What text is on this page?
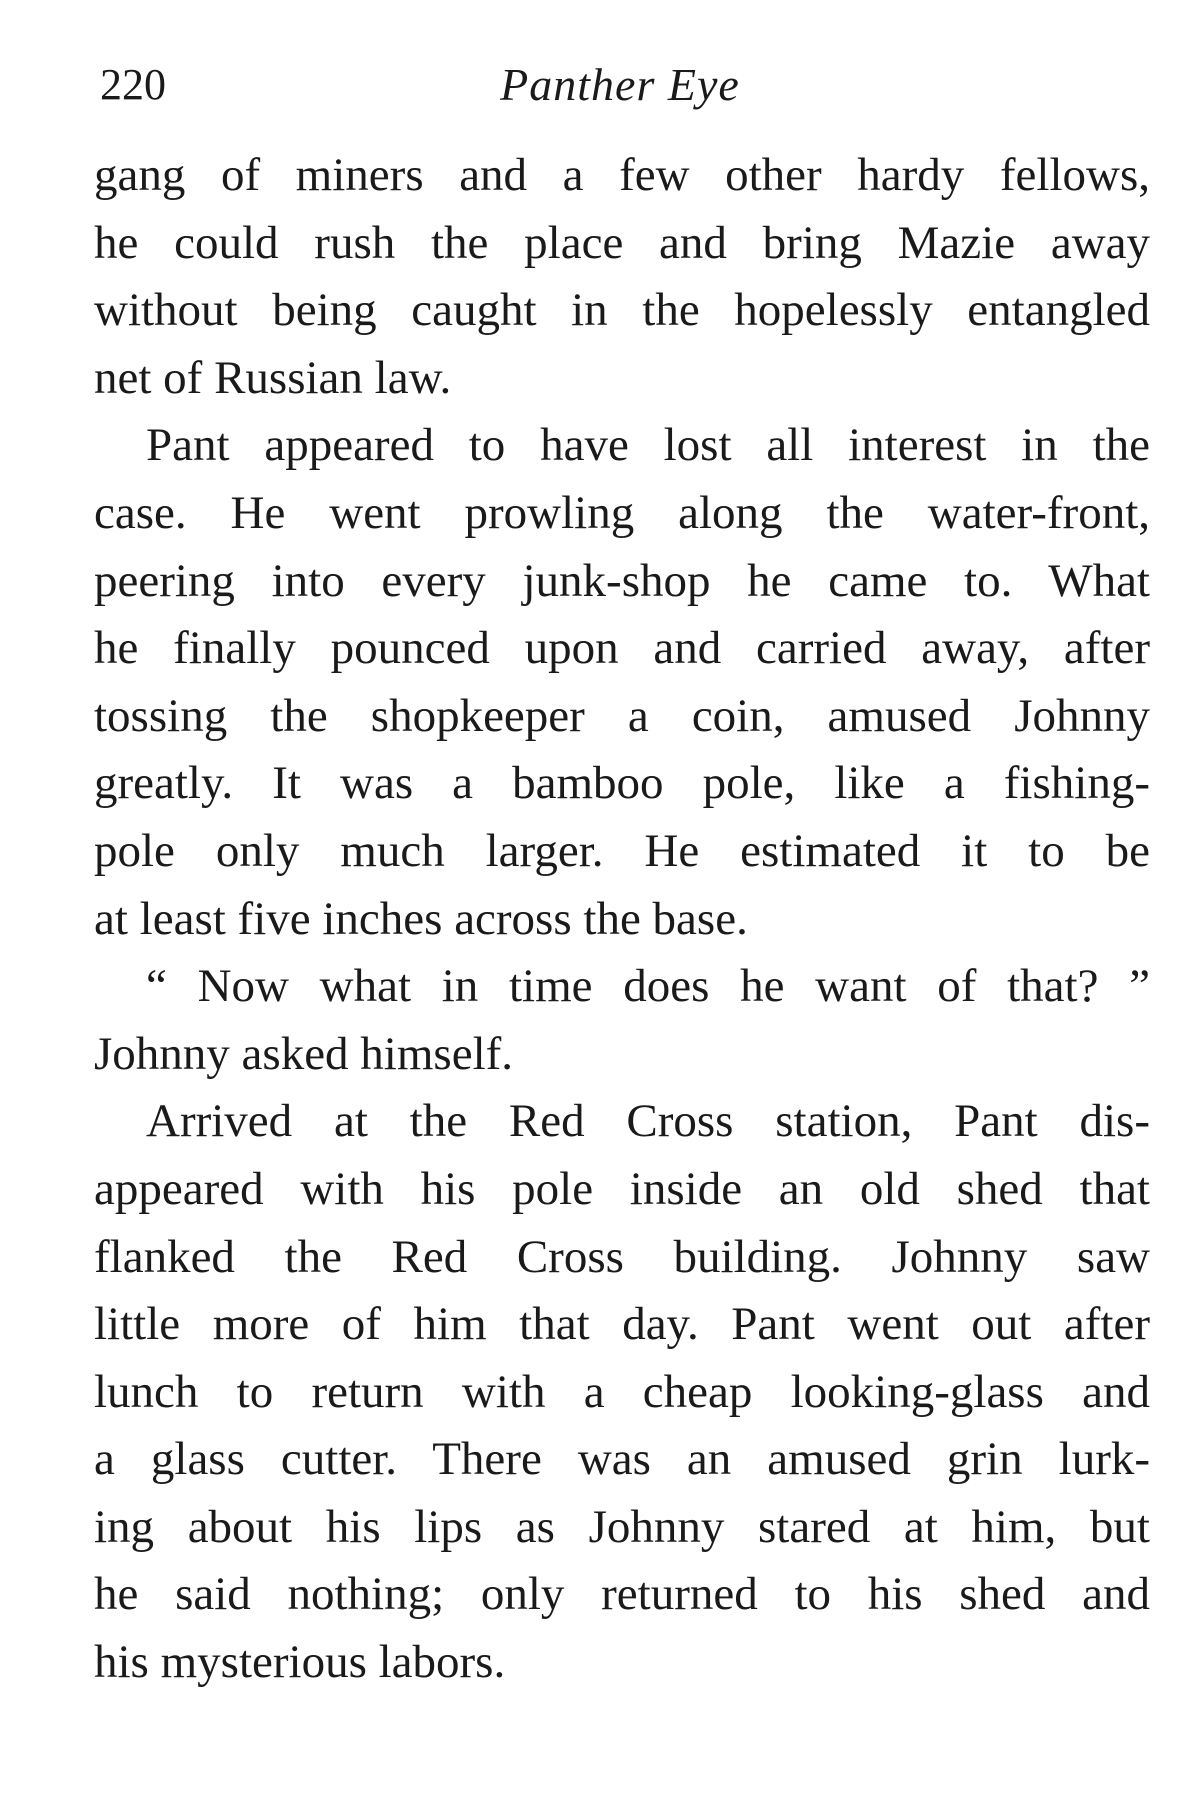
220	Panther Eye
gang of miners and a few other hardy fellows,
he could rush the place and bring Mazie away
without being caught in the hopelessly entangled
net of Russian law.
Pant appeared to have lost all interest in the
case. He went prowling along the water-front,
peering into every junk-shop he came to. What
he finally pounced upon and carried away, after
tossing the shopkeeper a coin, amused Johnny
greatly. It was a bamboo pole, like a fishing-
pole only much larger. He estimated it to be
at least five inches across the base.
“ Now what in time does he want of that? ”
Johnny asked himself.
Arrived at the Red Cross station, Pant dis-
appeared with his pole inside an old shed that
flanked the Red Cross building. Johnny saw
little more of him that day. Pant went out after
lunch to return with a cheap looking-glass and
a glass cutter. There was an amused grin lurk-
ing about his lips as Johnny stared at him, but
he said nothing; only returned to his shed and
his mysterious labors.
